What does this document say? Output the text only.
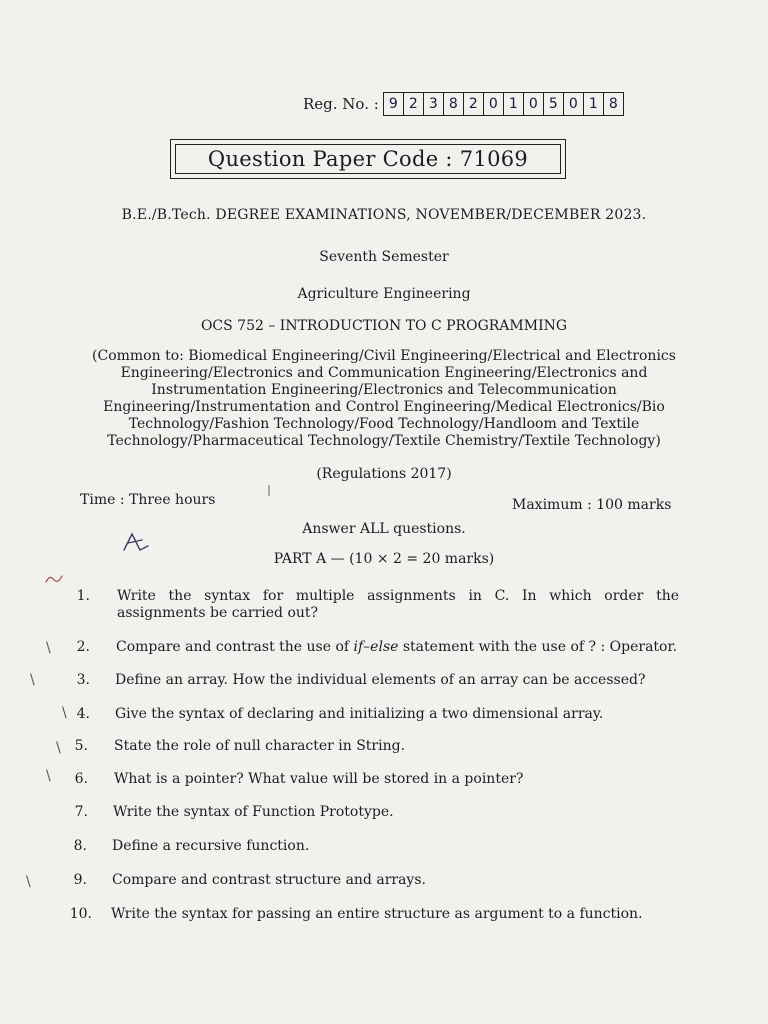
Reg. No. : 9 2 3 8 2 0 1 0 5 0 1 8
Question Paper Code : 71069
B.E./B.Tech. DEGREE EXAMINATIONS, NOVEMBER/DECEMBER 2023.
Seventh Semester
Agriculture Engineering
OCS 752 – INTRODUCTION TO C PROGRAMMING
(Common to: Biomedical Engineering/Civil Engineering/Electrical and Electronics Engineering/Electronics and Communication Engineering/Electronics and Instrumentation Engineering/Electronics and Telecommunication Engineering/Instrumentation and Control Engineering/Medical Electronics/Bio Technology/Fashion Technology/Food Technology/Handloom and Textile Technology/Pharmaceutical Technology/Textile Chemistry/Textile Technology)
(Regulations 2017)
Time : Three hours	Maximum : 100 marks
Answer ALL questions.
PART A — (10 × 2 = 20 marks)
1. Write the syntax for multiple assignments in C. In which order the assignments be carried out?
2. Compare and contrast the use of if–else statement with the use of ? : Operator.
3. Define an array. How the individual elements of an array can be accessed?
4. Give the syntax of declaring and initializing a two dimensional array.
5. State the role of null character in String.
6. What is a pointer? What value will be stored in a pointer?
7. Write the syntax of Function Prototype.
8. Define a recursive function.
9. Compare and contrast structure and arrays.
10. Write the syntax for passing an entire structure as argument to a function.
\
\
\
\
\
\
